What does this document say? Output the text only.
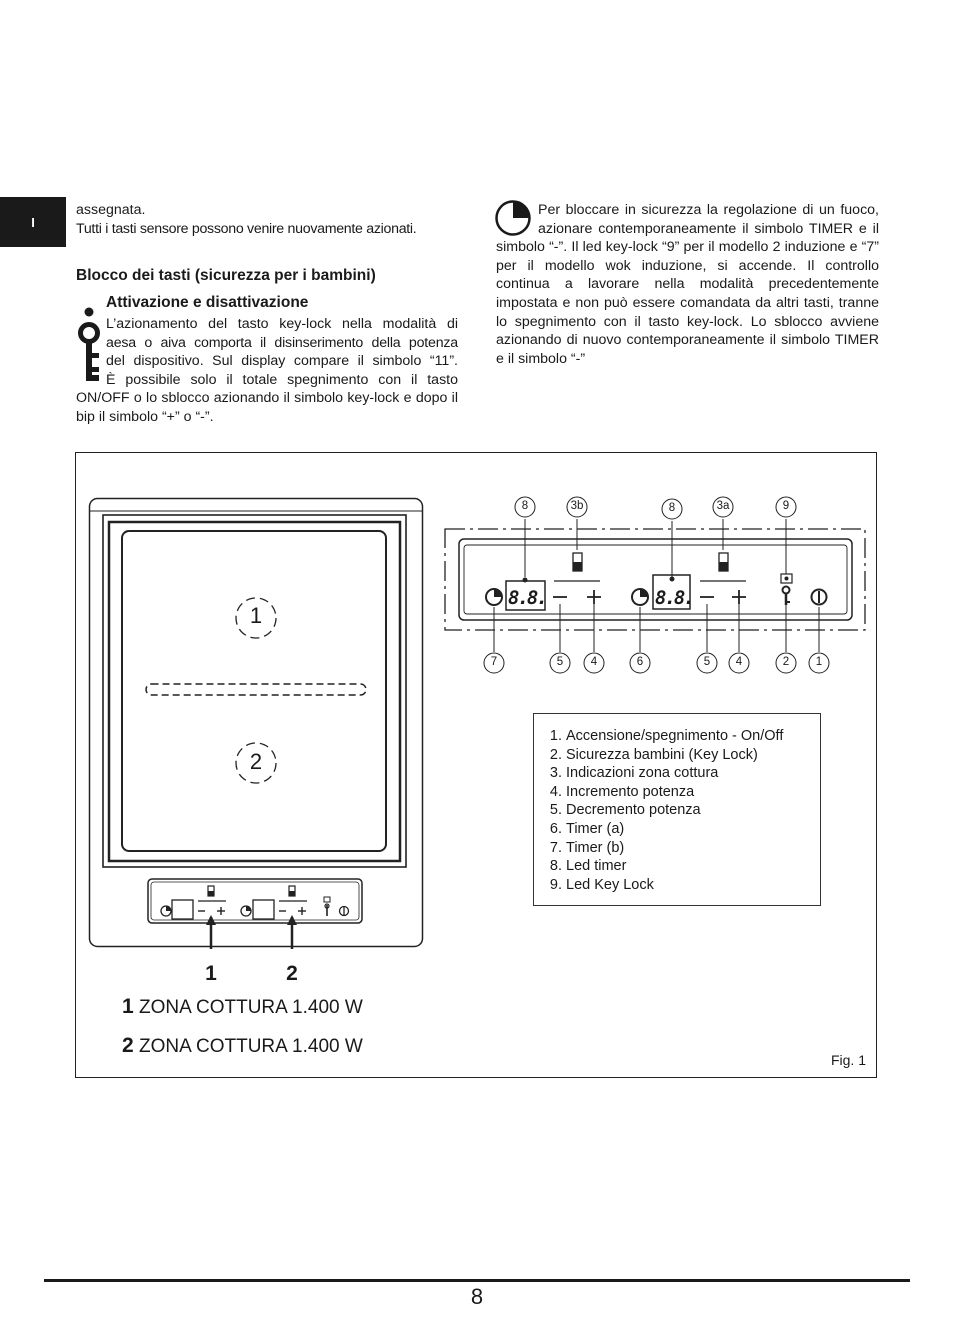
I
assegnata.
Tutti i tasti sensore possono venire nuovamente azionati.
Blocco dei tasti (sicurezza per i bambini)
Attivazione e disattivazione
L’azionamento del tasto key-lock nella modalità di
aesa o aiva comporta il disinserimento della potenza
del dispositivo. Sul display compare il simbolo “11”.
È possibile solo il totale spegnimento con il tasto
ON/OFF o lo sblocco azionando il simbolo key-lock e dopo il bip il simbolo “+” o “-”.
Per bloccare in sicurezza la regolazione di un fuoco, azionare contemporaneamente il simbolo TIMER e il simbolo “-”. Il led key-lock “9” per il modello 2 induzione e “7” per il modello wok induzione, si accende. Il controllo continua a lavorare nella modalità precedentemente impostata e non può essere comandata da altri tasti, tranne lo spegnimento con il tasto key-lock. Lo sblocco avviene azionando di nuovo contemporaneamente il simbolo TIMER e il simbolo “-”
1
2
1	2
1 ZONA COTTURA 1.400 W
2 ZONA COTTURA 1.400 W
8.8.	8.8.
8	3b	8	3a	9
7	5	4	6	5	4	2	1
1. Accensione/spegnimento - On/Off
2. Sicurezza bambini (Key Lock)
3. Indicazioni zona cottura
4. Incremento potenza
5. Decremento potenza
6. Timer (a)
7. Timer (b)
8. Led timer
9. Led Key Lock
Fig. 1
8
